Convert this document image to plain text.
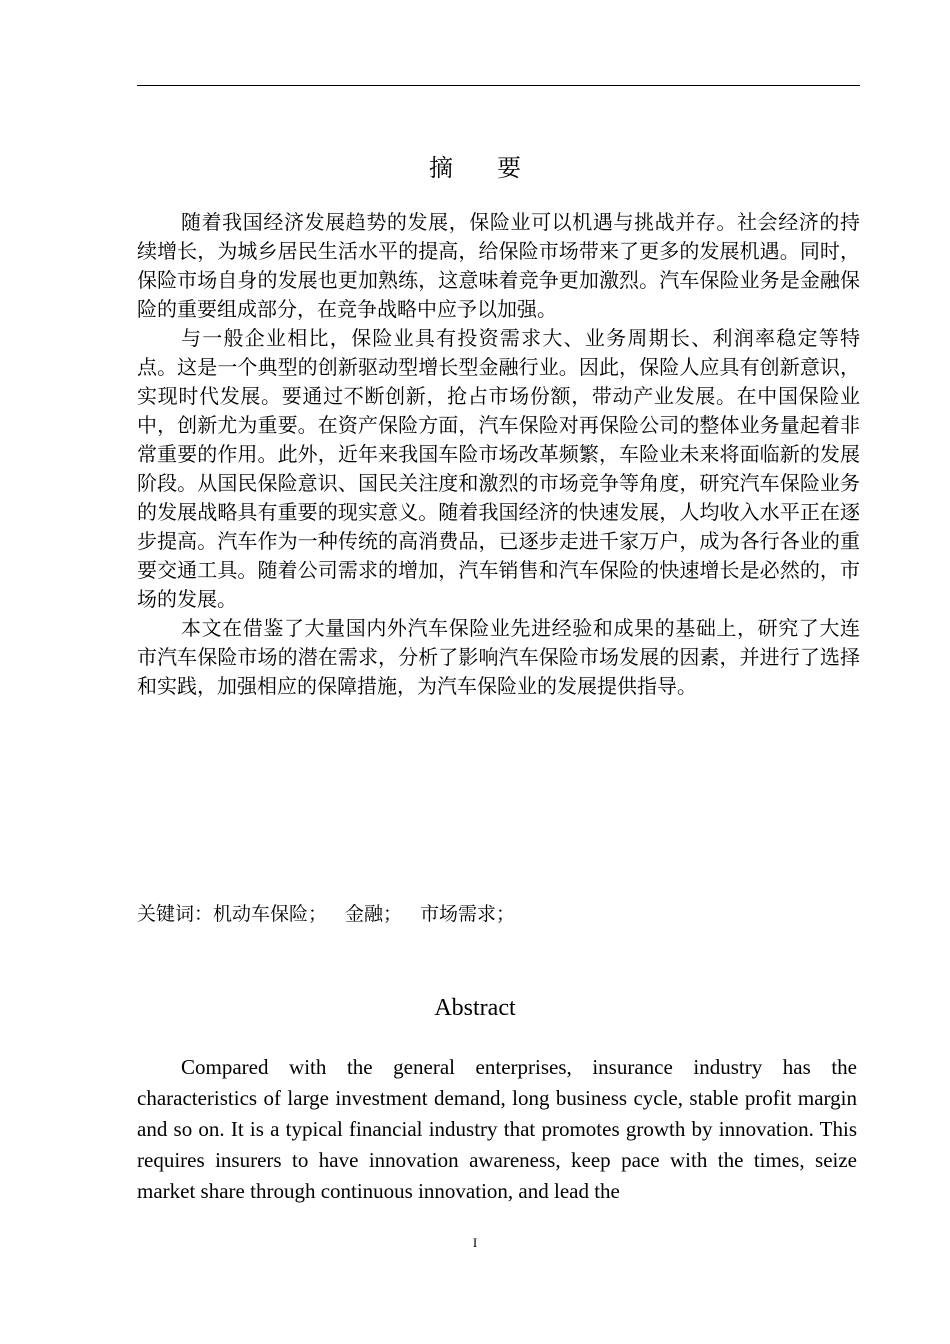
摘要

随着我国经济发展趋势的发展，保险业可以机遇与挑战并存。社会经济的持续增长，为城乡居民生活水平的提高，给保险市场带来了更多的发展机遇。同时，保险市场自身的发展也更加熟练，这意味着竞争更加激烈。汽车保险业务是金融保险的重要组成部分，在竞争战略中应予以加强。

与一般企业相比，保险业具有投资需求大、业务周期长、利润率稳定等特点。这是一个典型的创新驱动型增长型金融行业。因此，保险人应具有创新意识，实现时代发展。要通过不断创新，抢占市场份额，带动产业发展。在中国保险业中，创新尤为重要。在资产保险方面，汽车保险对再保险公司的整体业务量起着非常重要的作用。此外，近年来我国车险市场改革频繁，车险业未来将面临新的发展阶段。从国民保险意识、国民关注度和激烈的市场竞争等角度，研究汽车保险业务的发展战略具有重要的现实意义。随着我国经济的快速发展，人均收入水平正在逐步提高。汽车作为一种传统的高消费品，已逐步走进千家万户，成为各行各业的重要交通工具。随着公司需求的增加，汽车销售和汽车保险的快速增长是必然的，市场的发展。

本文在借鉴了大量国内外汽车保险业先进经验和成果的基础上，研究了大连市汽车保险市场的潜在需求，分析了影响汽车保险市场发展的因素，并进行了选择和实践，加强相应的保障措施，为汽车保险业的发展提供指导。

关键词：机动车保险； 金融； 市场需求；
Abstract

Compared with the general enterprises, insurance industry has the characteristics of large investment demand, long business cycle, stable profit margin and so on. It is a typical financial industry that promotes growth by innovation. This requires insurers to have innovation awareness, keep pace with the times, seize market share through continuous innovation, and lead the

I
